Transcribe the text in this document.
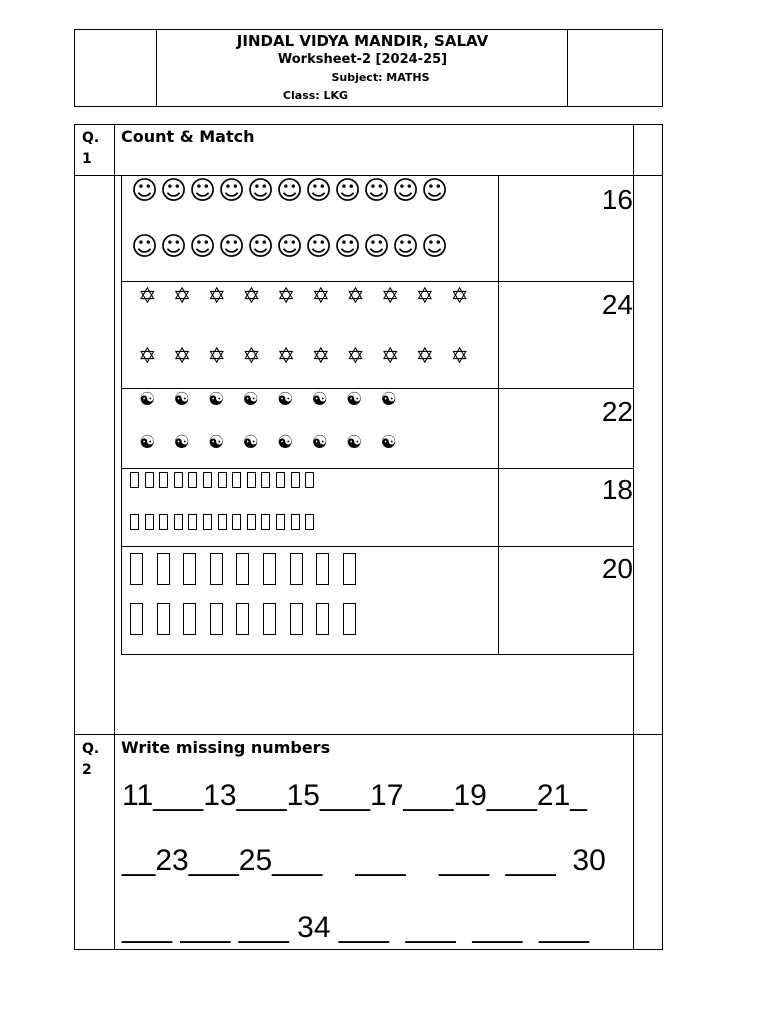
JINDAL VIDYA MANDIR, SALAV
Worksheet-2 [2024-25]
Subject: MATHS
Class: LKG
Q.
1
Count & Match
☺☺☺☺☺☺☺☺☺☺☺
☺☺☺☺☺☺☺☺☺☺☺
16
✡ ✡ ✡ ✡ ✡ ✡ ✡ ✡ ✡ ✡
✡ ✡ ✡ ✡ ✡ ✡ ✡ ✡ ✡ ✡
24
☯ ☯ ☯ ☯ ☯ ☯ ☯ ☯
☯ ☯ ☯ ☯ ☯ ☯ ☯ ☯
22
18
20
Q.
2
Write missing numbers
11___13___15___17___19___21_
__23___25___    ___    ___  ___  30
___ ___ ___ 34 ___  ___  ___  ___
